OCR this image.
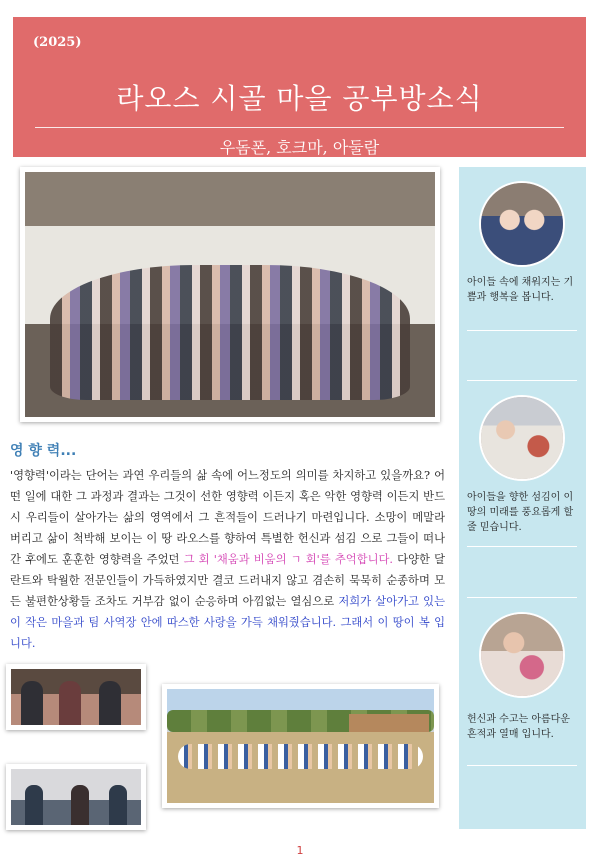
(2025)
라오스 시골 마을 공부방소식
우돔폰, 호크마, 아둘람
영 향 력...
'영향력'이라는 단어는 과연 우리들의 삶 속에 어느정도의 의미를 차지하고 있을까요? 어떤 일에 대한 그 과정과 결과는 그것이 선한 영향력 이든지 혹은 악한 영향력 이든지 반드시 우리들이 살아가는 삶의 영역에서 그 흔적들이 드러나기 마련입니다. 소망이 메말라 버리고 삶이 척박해 보이는 이 땅 라오스를 향하여 특별한 헌신과 섬김 으로 그들이 떠나간 후에도 훈훈한 영향력을 주었던 그 회 '채움과 비움의 ㄱ 회'를 추억합니다. 다양한 달란트와 탁월한 전문인들이 가득하였지만 결코 드러내지 않고 겸손히 묵묵히 순종하며 모든 불편한상황들 조차도 거부감 없이 순응하며 아낌없는 열심으로 저희가 살아가고 있는 이 작은 마을과 팀 사역장 안에 따스한 사랑을 가득 채워줬습니다. 그래서 이 땅이 복 입니다.
아이들 속에 채워지는 기쁨과 행복을 봅니다.
아이들을 향한 섬김이 이 땅의 미래를 풍요롭게 할 줄 믿습니다.
헌신과 수고는 아름다운 흔적과 열매 입니다.
1
